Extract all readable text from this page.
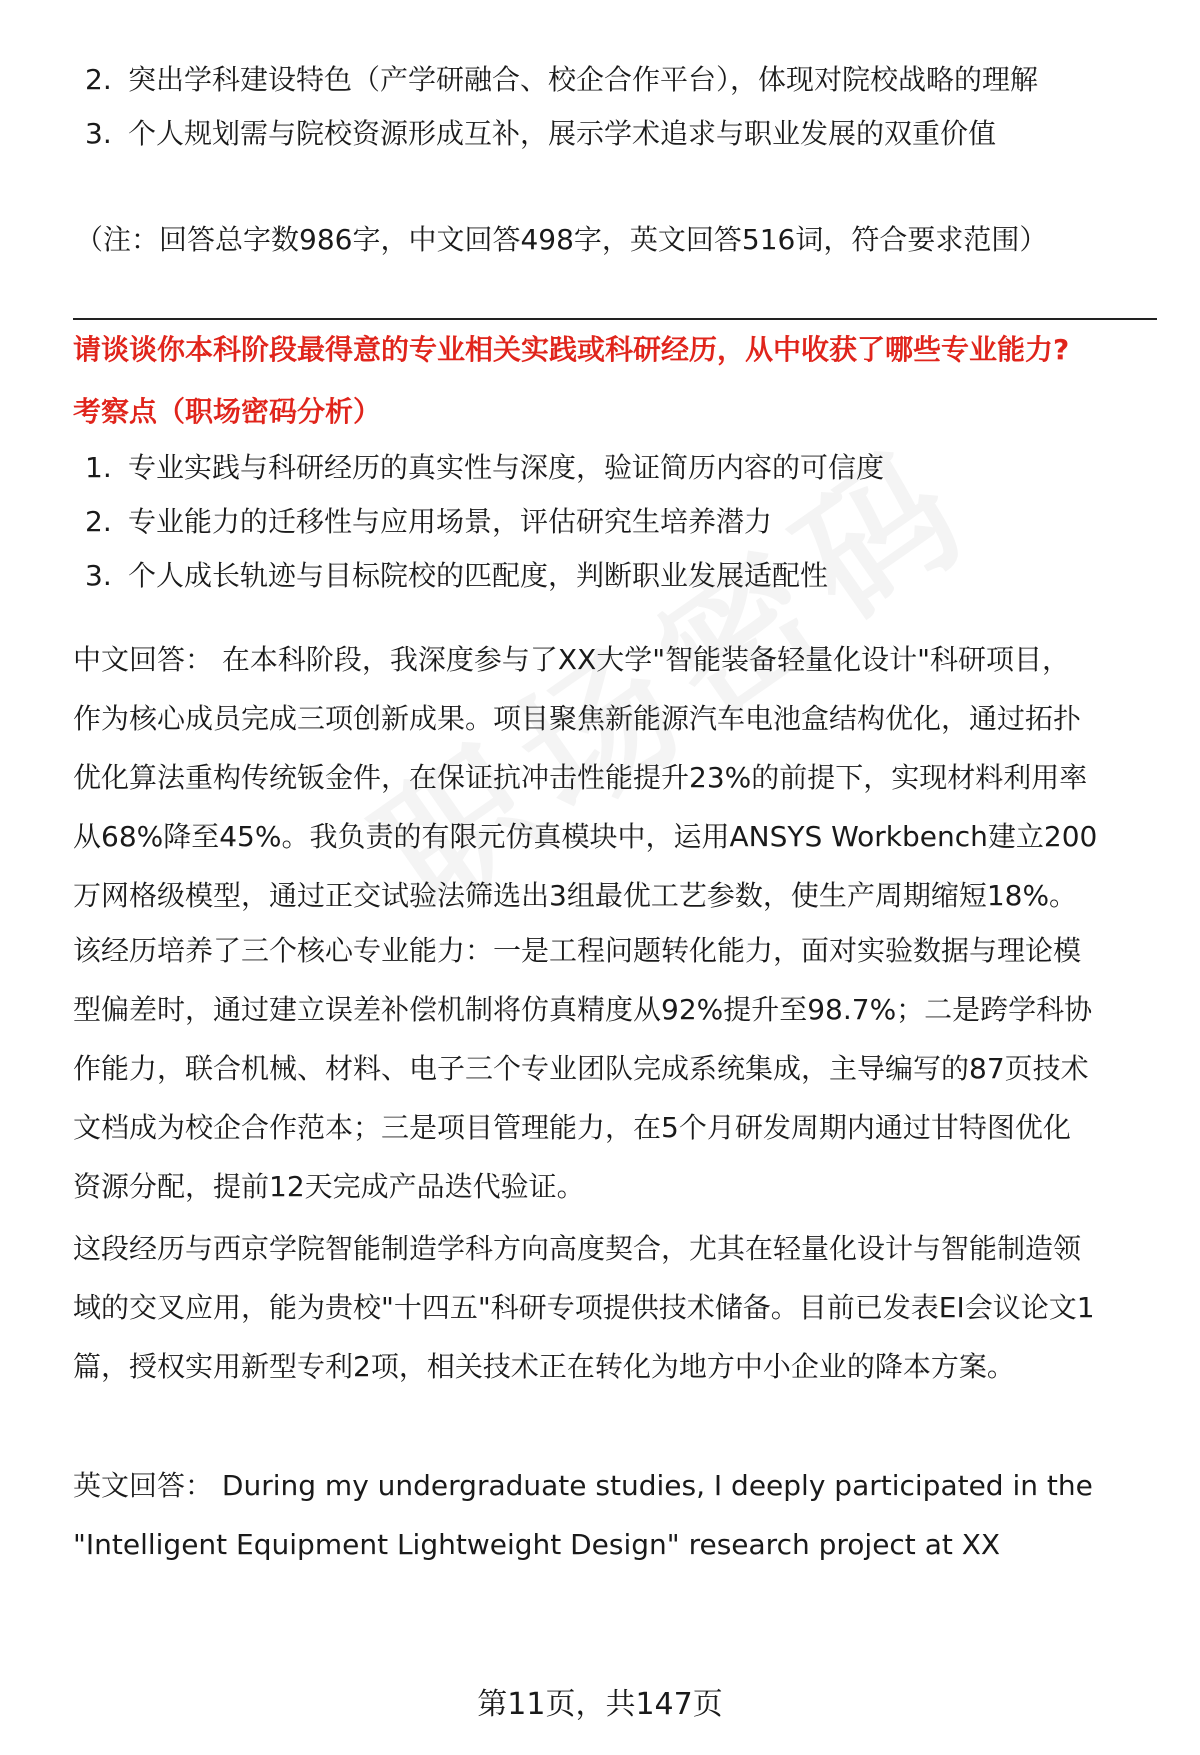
2. 突出学科建设特色（产学研融合、校企合作平台），体现对院校战略的理解
3. 个人规划需与院校资源形成互补，展示学术追求与职业发展的双重价值
（注：回答总字数986字，中文回答498字，英文回答516词，符合要求范围）
请谈谈你本科阶段最得意的专业相关实践或科研经历，从中收获了哪些专业能力?
考察点（职场密码分析）
1. 专业实践与科研经历的真实性与深度，验证简历内容的可信度
2. 专业能力的迁移性与应用场景，评估研究生培养潜力
3. 个人成长轨迹与目标院校的匹配度，判断职业发展适配性
中文回答： 在本科阶段，我深度参与了XX大学"智能装备轻量化设计"科研项目，
作为核心成员完成三项创新成果。项目聚焦新能源汽车电池盒结构优化，通过拓扑
优化算法重构传统钣金件，在保证抗冲击性能提升23%的前提下，实现材料利用率
从68%降至45%。我负责的有限元仿真模块中，运用ANSYS Workbench建立200
万网格级模型，通过正交试验法筛选出3组最优工艺参数，使生产周期缩短18%。
该经历培养了三个核心专业能力：一是工程问题转化能力，面对实验数据与理论模
型偏差时，通过建立误差补偿机制将仿真精度从92%提升至98.7%；二是跨学科协
作能力，联合机械、材料、电子三个专业团队完成系统集成，主导编写的87页技术
文档成为校企合作范本；三是项目管理能力，在5个月研发周期内通过甘特图优化
资源分配，提前12天完成产品迭代验证。
这段经历与西京学院智能制造学科方向高度契合，尤其在轻量化设计与智能制造领
域的交叉应用，能为贵校"十四五"科研专项提供技术储备。目前已发表EI会议论文1
篇，授权实用新型专利2项，相关技术正在转化为地方中小企业的降本方案。
英文回答： During my undergraduate studies, I deeply participated in the
"Intelligent Equipment Lightweight Design" research project at XX
第11页，共147页
